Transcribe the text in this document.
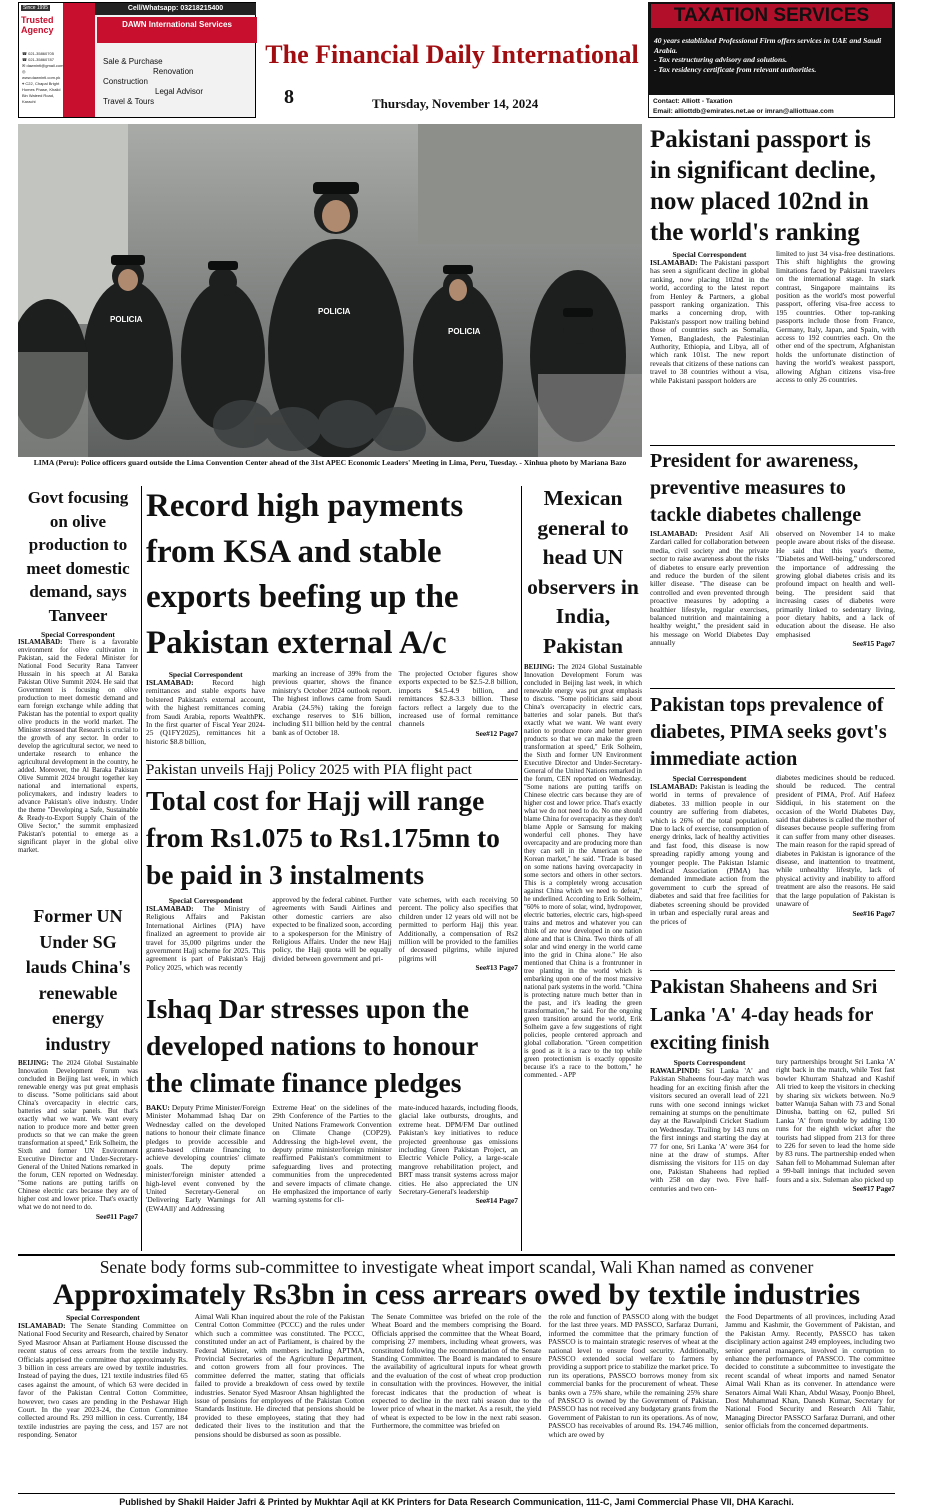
Since 1995
Trusted Agency
☎ 021-35860705
☎ 021-35860787
✉ dawnintl@gmail.com
◎ www.dawnintl.com.pk
⌖ C22, Chapal Bright Homes Phase, Khalid Bin Waleed Road, Karachi
Cell/Whatsapp: 03218215400
DAWN International Services
Sale & Purchase
Renovation
Construction
Legal Advisor
Travel & Tours
The Financial Daily International
8	Thursday, November 14, 2024
TAXATION SERVICES
40 years established Professional Firm offers services in UAE and Saudi Arabia.
- Tax restructuring advisory and solutions.
- Tax residency certificate from relevant authorities.
Contact: Alliott - Taxation
Email: alliottdb@emirates.net.ae or imran@alliottuae.com
POLICIA
POLICIA
POLICIA
LIMA (Peru): Police officers guard outside the Lima Convention Center ahead of the 31st APEC Economic Leaders' Meeting in Lima, Peru, Tuesday. - Xinhua photo by Mariana Bazo
Pakistani passport is in significant decline, now placed 102nd in the world's ranking
Special Correspondent

ISLAMABAD: The Pakistani passport has seen a significant decline in global ranking, now placing 102nd in the world, according to the latest report from Henley & Partners, a global passport ranking organization. This marks a concerning drop, with Pakistan's passport now trailing behind those of countries such as Somalia, Yemen, Bangladesh, the Palestinian Authority, Ethiopia, and Libya, all of which rank 101st. The new report reveals that citizens of these nations can travel to 38 countries without a visa, while Pakistani passport holders are

limited to just 34 visa-free destinations. This shift highlights the growing limitations faced by Pakistani travelers on the international stage. In stark contrast, Singapore maintains its position as the world's most powerful passport, offering visa-free access to 195 countries. Other top-ranking passports include those from France, Germany, Italy, Japan, and Spain, with access to 192 countries each. On the other end of the spectrum, Afghanistan holds the unfortunate distinction of having the world's weakest passport, allowing Afghan citizens visa-free access to only 26 countries.

President for awareness, preventive measures to tackle diabetes challenge

ISLAMABAD: President Asif Ali Zardari called for collaboration between media, civil society and the private sector to raise awareness about the risks of diabetes to ensure early prevention and reduce the burden of the silent killer disease. "The disease can be controlled and even prevented through proactive measures by adopting a healthier lifestyle, regular exercises, balanced nutrition and maintaining a healthy weight," the president said in his message on World Diabetes Day annually

observed on November 14 to make people aware about risks of the disease. He said that this year's theme, "Diabetes and Well-being," underscored the importance of addressing the growing global diabetes crisis and its profound impact on health and well-being. The president said that increasing cases of diabetes were primarily linked to sedentary living, poor dietary habits, and a lack of education about the disease. He also emphasised

See#15 Page7
Pakistan tops prevalence of diabetes, PIMA seeks govt's immediate action
Special Correspondent

ISLAMABAD: Pakistan is leading the world in terms of prevalence of diabetes. 33 million people in our country are suffering from diabetes, which is 26% of the total population. Due to lack of exercise, consumption of energy drinks, lack of healthy activities and fast food, this disease is now spreading rapidly among young and younger people. The Pakistan Islamic Medical Association (PIMA) has demanded immediate action from the government to curb the spread of diabetes and said that free facilities for diabetes screening should be provided in urban and especially rural areas and the prices of

diabetes medicines should be reduced. should be reduced. The central president of PIMA, Prof. Atif Hafeez Siddiqui, in his statement on the occasion of the World Diabetes Day, said that diabetes is called the mother of diseases because people suffering from it can suffer from many other diseases. The main reason for the rapid spread of diabetes in Pakistan is ignorance of the disease, and inattention to treatment, while unhealthy lifestyle, lack of physical activity and inability to afford treatment are also the reasons. He said that the large population of Pakistan is unaware of

See#16 Page7
Pakistan Shaheens and Sri Lanka 'A' 4-day heads for exciting finish
Sports Correspondent

RAWALPINDI: Sri Lanka 'A' and Pakistan Shaheens four-day match was heading for an exciting finish after the visitors secured an overall lead of 221 runs with one second innings wicket remaining at stumps on the penultimate day at the Rawalpindi Cricket Stadium on Wednesday. Trailing by 143 runs on the first innings and starting the day at 77 for one, Sri Lanka 'A' were 364 for nine at the draw of stumps. After dismissing the visitors for 115 on day one, Pakistan Shaheens had replied with 258 on day two. Five half-centuries and two cen-

tury partnerships brought Sri Lanka 'A' right back in the match, while Test fast bowler Khurram Shahzad and Kashif Ali tried to keep the visitors in checking by sharing six wickets between. No.9 batter Wanuja Sahan with 73 and Sonal Dinusha, batting on 62, pulled Sri Lanka 'A' from trouble by adding 130 runs for the eighth wicket after the tourists had slipped from 213 for three to 226 for seven to lead the home side by 83 runs. The partnership ended when Sahan fell to Mohammad Suleman after a 99-ball innings that included seven fours and a six. Suleman also picked up

See#17 Page7
Govt focusing on olive production to meet domestic demand, says Tanveer
Special Correspondent

ISLAMABAD: There is a favorable environment for olive cultivation in Pakistan, said the Federal Minister for National Food Security Rana Tanveer Hussain in his speech at Al Baraka Pakistan Olive Summit 2024. He said that Government is focusing on olive production to meet domestic demand and earn foreign exchange while adding that Pakistan has the potential to export quality olive products in the world market. The Minister stressed that Research is crucial to the growth of any sector. In order to develop the agricultural sector, we need to undertake research to enhance the agricultural development in the country, he added. Moreover, the Al Baraka Pakistan Olive Summit 2024 brought together key national and international experts, policymakers, and industry leaders to advance Pakistan's olive industry. Under the theme "Developing a Safe, Sustainable & Ready-to-Export Supply Chain of the Olive Sector," the summit emphasized Pakistan's potential to emerge as a significant player in the global olive market.

Former UN Under SG lauds China's renewable energy industry

BEIJING: The 2024 Global Sustainable Innovation Development Forum was concluded in Beijing last week, in which renewable energy was put great emphasis to discuss. "Some politicians said about China's overcapacity in electric cars, batteries and solar panels. But that's exactly what we want. We want every nation to produce more and better green products so that we can make the green transformation at speed," Erik Solheim, the Sixth and former UN Environment Executive Director and Under-Secretary-General of the United Nations remarked in the forum, CEN reported on Wednesday. "Some nations are putting tariffs on Chinese electric cars because they are of higher cost and lower price. That's exactly what we do not need to do.

See#11 Page7
Record high payments from KSA and stable exports beefing up the Pakistan external A/c
Special Correspondent

ISLAMABAD:	Record high remittances and stable exports have bolstered Pakistan's external account, with the highest remittances coming from Saudi Arabia, reports WealthPK. In the first quarter of Fiscal Year 2024-25 (Q1FY2025), remittances hit a historic $8.8 billion,

marking an increase of 39% from the previous quarter, shows the finance ministry's October 2024 outlook report. The highest inflows came from Saudi Arabia (24.5%) taking the foreign exchange reserves to $16 billion, including $11 billion held by the central bank as of October 18.

The projected October figures show exports expected to be $2.5-2.8 billion, imports $4.5-4.9 billion, and remittances $2.8-3.3 billion. These factors reflect a largely due to the increased use of formal remittance channels

See#12 Page7
Pakistan unveils Hajj Policy 2025 with PIA flight pact
Total cost for Hajj will range from Rs1.075 to Rs1.175mn to be paid in 3 instalments
Special Correspondent

ISLAMABAD: The Ministry of Religious Affairs and Pakistan International Airlines (PIA) have finalized an agreement to provide air travel for 35,000 pilgrims under the government Hajj scheme for 2025. This agreement is part of Pakistan's Hajj Policy 2025, which was recently

approved by the federal cabinet. Further agreements with Saudi Airlines and other domestic carriers are also expected to be finalized soon, according to a spokesperson for the Ministry of Religious Affairs. Under the new Hajj policy, the Hajj quota will be equally divided between government and pri-

vate schemes, with each receiving 50 percent. The policy also specifies that children under 12 years old will not be permitted to perform Hajj this year. Additionally, a compensation of Rs2 million will be provided to the families of deceased pilgrims, while injured pilgrims will

See#13 Page7
Ishaq Dar stresses upon the developed nations to honour the climate finance pledges

BAKU: Deputy Prime Minister/Foreign Minister Mohammad Ishaq Dar on Wednesday called on the developed nations to honour their climate finance pledges to provide accessible and grants-based climate financing to achieve developing countries' climate goals. The deputy prime minister/foreign minister attended a high-level event convened by the United Secretary-General on 'Delivering Early Warnings for All (EW4All)' and Addressing

Extreme Heat' on the sidelines of the 29th Conference of the Parties to the United Nations Framework Convention on Climate Change (COP29). Addressing the high-level event, the deputy prime minister/foreign minister reaffirmed Pakistan's commitment to safeguarding lives and protecting communities from the unprecedented and severe impacts of climate change. He emphasized the importance of early warning systems for cli-

mate-induced hazards, including floods, glacial lake outbursts, droughts, and extreme heat. DPM/FM Dar outlined Pakistan's key initiatives to reduce projected greenhouse gas emissions including Green Pakistan Project, an Electric Vehicle Policy, a large-scale mangrove rehabilitation project, and BRT mass transit systems across major cities. He also appreciated the UN Secretary-General's leadership

See#14 Page7
Mexican general to head UN observers in India, Pakistan

BEIJING: The 2024 Global Sustainable Innovation Development Forum was concluded in Beijing last week, in which renewable energy was put great emphasis to discuss. "Some politicians said about China's overcapacity in electric cars, batteries and solar panels. But that's exactly what we want. We want every nation to produce more and better green products so that we can make the green transformation at speed," Erik Solheim, the Sixth and former UN Environment Executive Director and Under-Secretary-General of the United Nations remarked in the forum, CEN reported on Wednesday. "Some nations are putting tariffs on Chinese electric cars because they are of higher cost and lower price. That's exactly what we do not need to do. No one should blame China for overcapacity as they don't blame Apple or Samsung for making wonderful cell phones. They have overcapacity and are producing more than they can sell in the American or the Korean market," he said. "Trade is based on some nations having overcapacity in some sectors and others in other sectors. This is a completely wrong accusation against China which we need to defeat," he underlined. According to Erik Solheim, "60% to more of solar, wind, hydropower, electric batteries, electric cars, high-speed trains and metros and whatever you can think of are now developed in one nation alone and that is China. Two thirds of all solar and wind energy in the world came into the grid in China alone." He also mentioned that China is a frontrunner in tree planting in the world which is embarking upon one of the most massive national park systems in the world. "China is protecting nature much better than in the past, and it's leading the green transformation," he said. For the ongoing green transition around the world, Erik Solheim gave a few suggestions of right policies, people centered approach and global collaboration. "Green competition is good as it is a race to the top while green protectionism is exactly opposite because it's a race to the bottom," he commented. - APP

Senate body forms sub-committee to investigate wheat import scandal, Wali Khan named as convener
Approximately Rs3bn in cess arrears owed by textile industries
Special Correspondent

ISLAMABAD: The Senate Standing Committee on National Food Security and Research, chaired by Senator Syed Masroor Ahsan at Parliament House discussed the recent status of cess arrears from the textile industry. Officials apprised the committee that approximately Rs. 3 billion in cess arrears are owed by textile industries. Instead of paying the dues, 121 textile industries filed 65 cases against the amount, of which 63 were decided in favor of the Pakistan Central Cotton Committee, however, two cases are pending in the Peshawar High Court. In the year 2023-24, the Cotton Committee collected around Rs. 293 million in cess. Currently, 184 textile industries are paying the cess, and 157 are not responding. Senator

Aimal Wali Khan inquired about the role of the Pakistan Central Cotton Committee (PCCC) and the rules under which such a committee was constituted. The PCCC, constituted under an act of Parliament, is chaired by the Federal Minister, with members including APTMA, Provincial Secretaries of the Agriculture Department, and cotton growers from all four provinces. The committee deferred the matter, stating that officials failed to provide a breakdown of cess owed by textile industries. Senator Syed Masroor Ahsan highlighted the issue of pensions for employees of the Pakistan Cotton Standards Institute. He directed that pensions should be provided to these employees, stating that they had dedicated their lives to the institution and that the pensions should be disbursed as soon as possible.

The Senate Committee was briefed on the role of the Wheat Board and the members comprising the Board. Officials apprised the committee that the Wheat Board, comprising 27 members, including wheat growers, was constituted following the recommendation of the Senate Standing Committee. The Board is mandated to ensure the availability of agricultural inputs for wheat growth and the evaluation of the cost of wheat crop production in consultation with the provinces. However, the initial forecast indicates that the production of wheat is expected to decline in the next rabi season due to the lower price of wheat in the market. As a result, the yield of wheat is expected to be low in the next rabi season. Furthermore, the committee was briefed on

the role and function of PASSCO along with the budget for the last three years. MD PASSCO, Sarfaraz Durrani, informed the committee that the primary function of PASSCO is to maintain strategic reserves of wheat at the national level to ensure food security. Additionally, PASSCO extended social welfare to farmers by providing a support price to stabilize the market price. To run its operations, PASSCO borrows money from six commercial banks for the procurement of wheat. These banks own a 75% share, while the remaining 25% share of PASSCO is owned by the Government of Pakistan. PASSCO has not received any budgetary grants from the Government of Pakistan to run its operations. As of now, PASSCO has receivables of around Rs. 194.746 million, which are owed by

the Food Departments of all provinces, including Azad Jammu and Kashmir, the Government of Pakistan, and the Pakistan Army. Recently, PASSCO has taken disciplinary action against 249 employees, including two senior general managers, involved in corruption to enhance the performance of PASSCO. The committee decided to constitute a subcommittee to investigate the recent scandal of wheat imports and named Senator Aimal Wali Khan as its convener. In attendance were Senators Aimal Wali Khan, Abdul Wasay, Poonjo Bheel, Dost Muhammad Khan, Danesh Kumar, Secretary for National Food Security and Research Ali Tahir, Managing Director PASSCO Sarfaraz Durrani, and other senior officials from the concerned departments.

Published by Shakil Haider Jafri & Printed by Mukhtar Aqil at KK Printers for Data Research Communication, 111-C, Jami Commercial Phase VII, DHA Karachi.
